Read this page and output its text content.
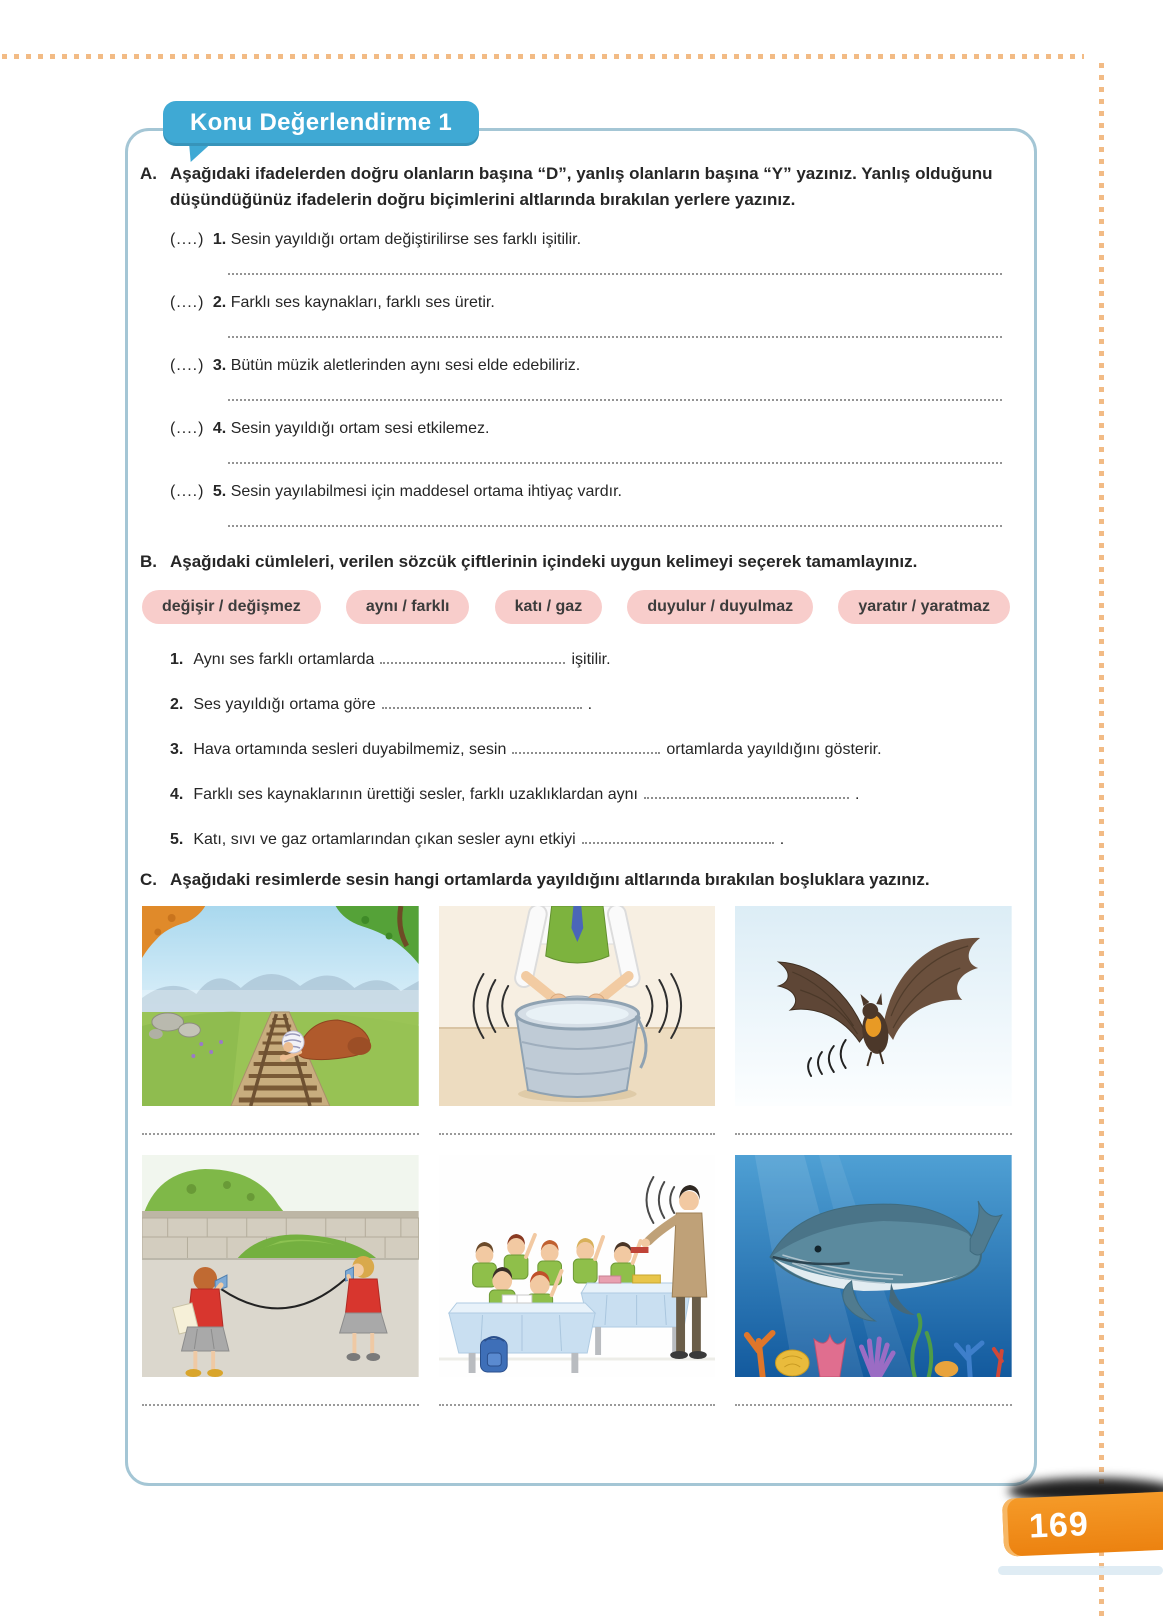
Konu Değerlendirme 1
A. Aşağıdaki ifadelerden doğru olanların başına “D”, yanlış olanların başına “Y” yazınız. Yanlış olduğunu düşündüğünüz ifadelerin doğru biçimlerini altlarında bırakılan yerlere yazınız.

(....) 1. Sesin yayıldığı ortam değiştirilirse ses farklı işitilir.
(....) 2. Farklı ses kaynakları, farklı ses üretir.
(....) 3. Bütün müzik aletlerinden aynı sesi elde edebiliriz.
(....) 4. Sesin yayıldığı ortam sesi etkilemez.
(....) 5. Sesin yayılabilmesi için maddesel ortama ihtiyaç vardır.
B. Aşağıdaki cümleleri, verilen sözcük çiftlerinin içindeki uygun kelimeyi seçerek tamamlayınız.

değişir / değişmez	aynı / farklı	katı / gaz	duyulur / duyulmaz	yaratır / yaratmaz
1. Aynı ses farklı ortamlarda	işitilir.
2. Ses yayıldığı ortama göre	.
3. Hava ortamında sesleri duyabilmemiz, sesin	ortamlarda yayıldığını gösterir.
4. Farklı ses kaynaklarının ürettiği sesler, farklı uzaklıklardan aynı	.
5. Katı, sıvı ve gaz ortamlarından çıkan sesler aynı etkiyi	.
C. Aşağıdaki resimlerde sesin hangi ortamlarda yayıldığını altlarında bırakılan boşluklara yazınız.

169
